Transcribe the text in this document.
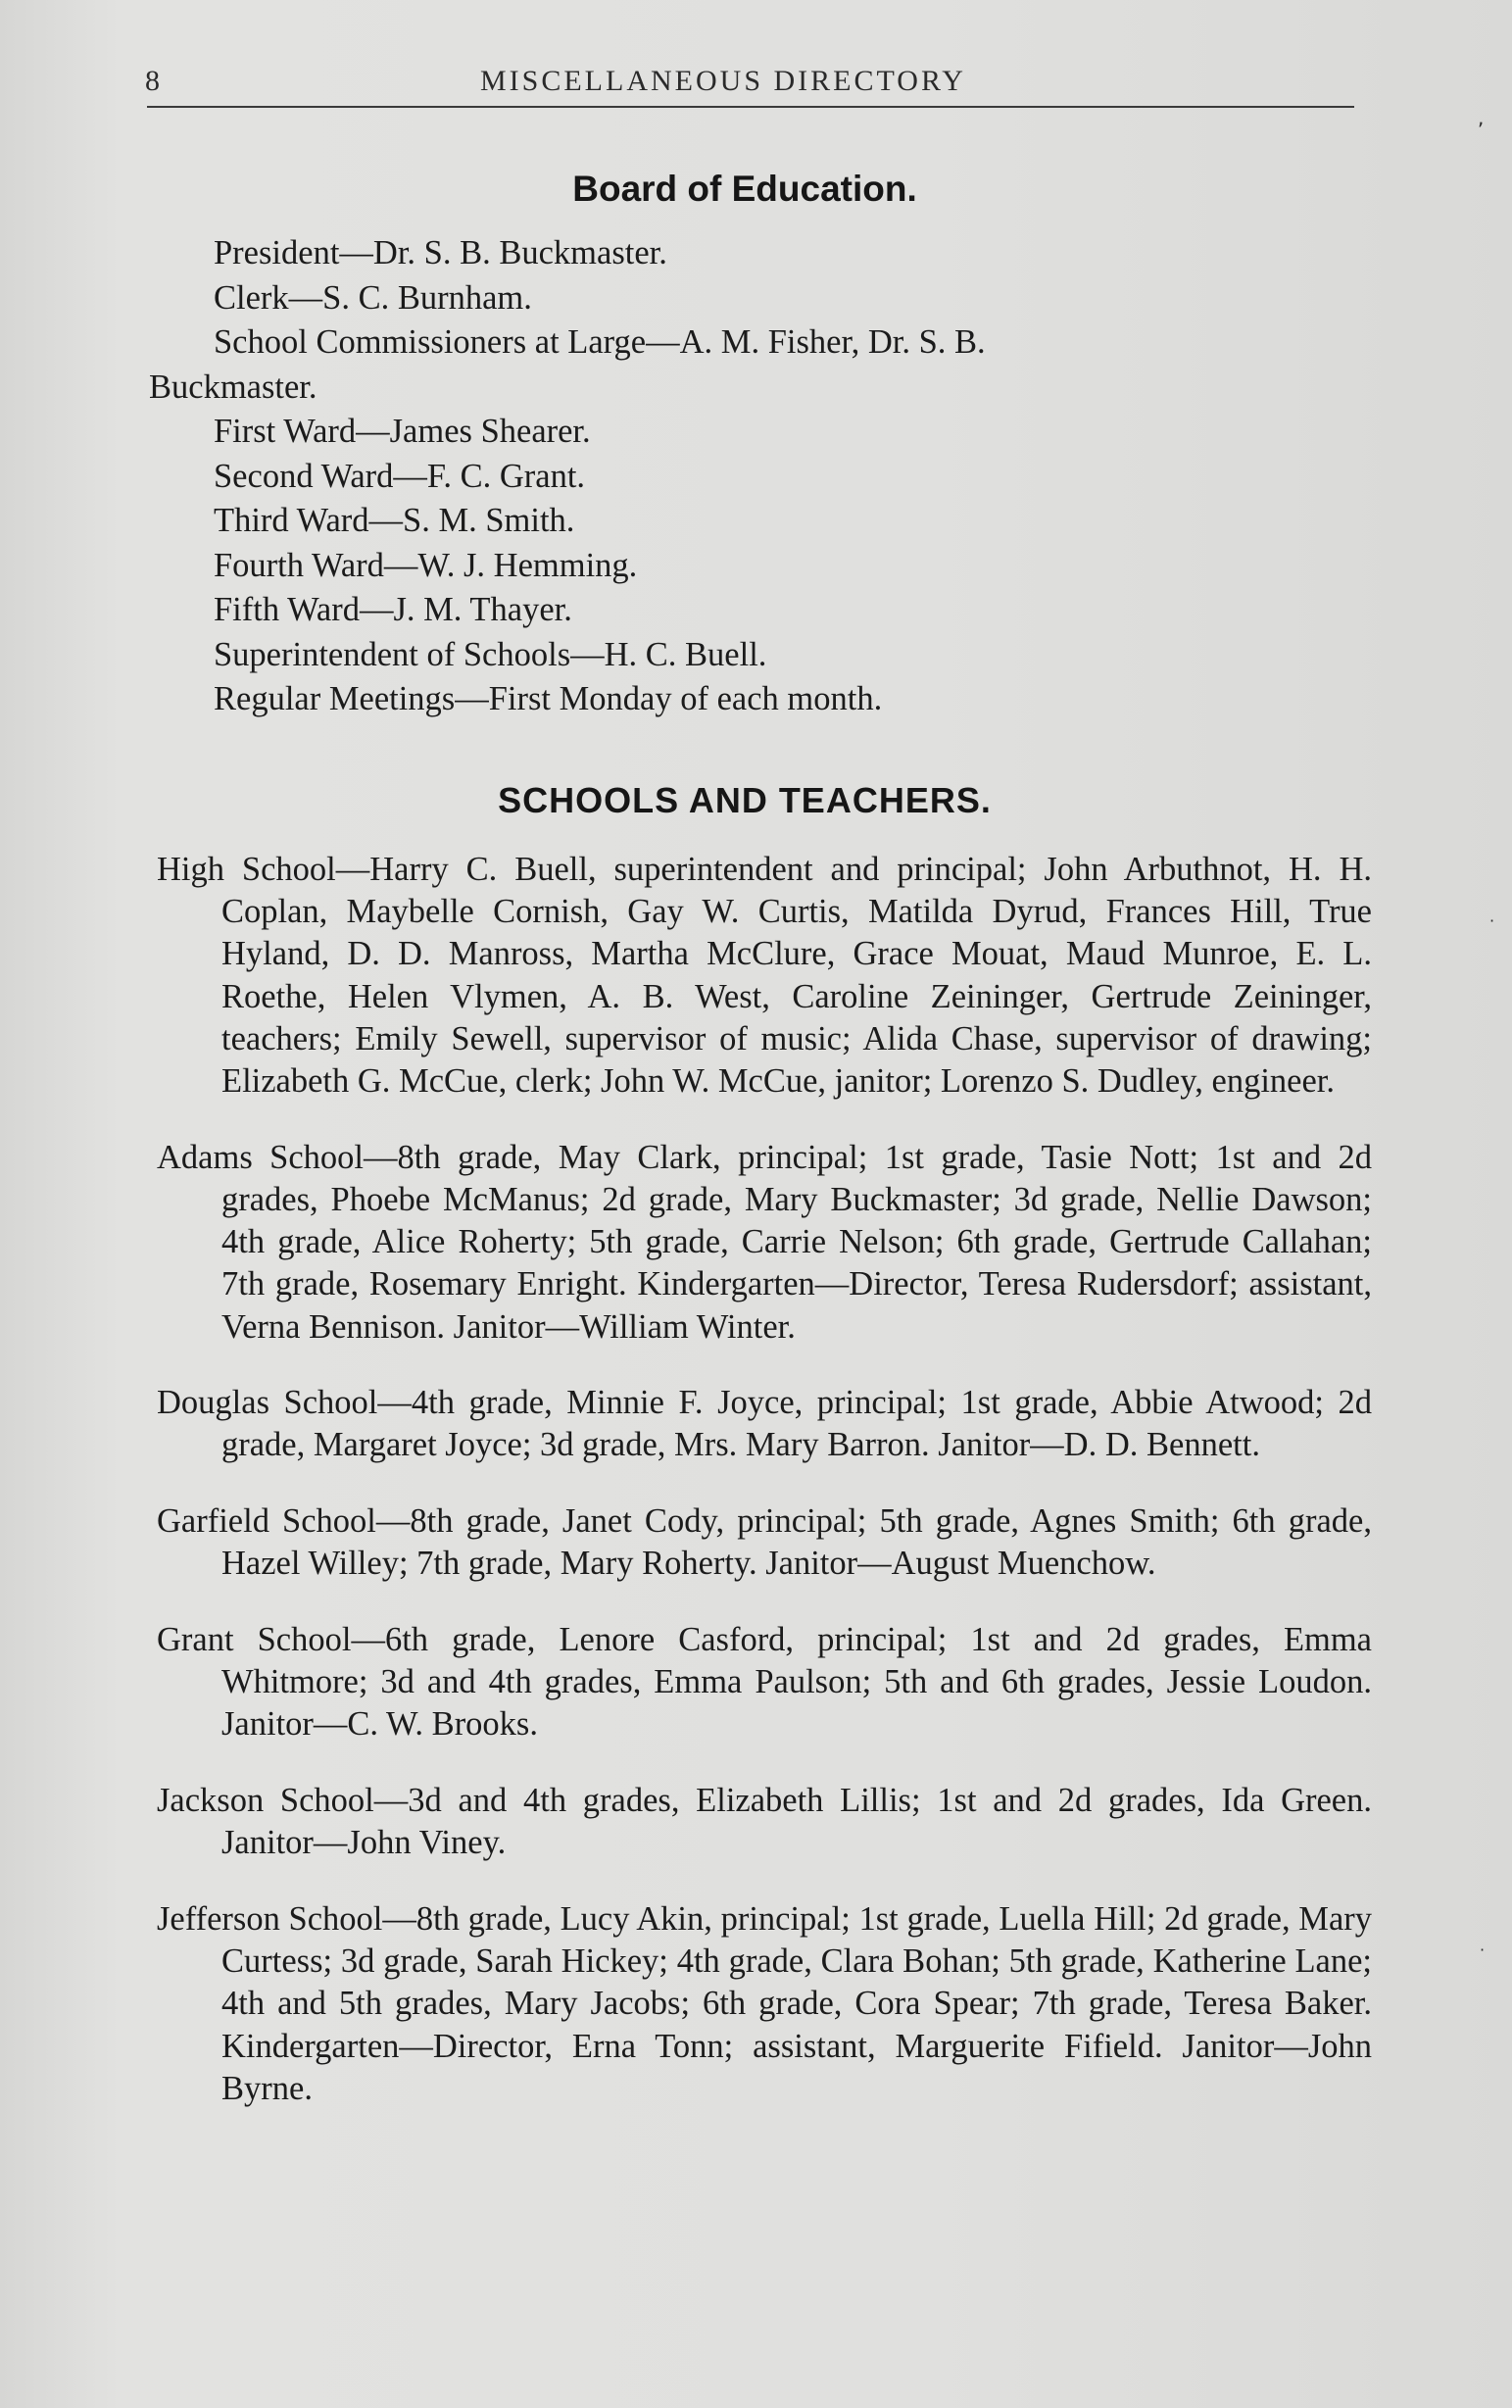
8	MISCELLANEOUS DIRECTORY
Board of Education.
President—Dr. S. B. Buckmaster.
Clerk—S. C. Burnham.
School Commissioners at Large—A. M. Fisher, Dr. S. B.
Buckmaster.
First Ward—James Shearer.
Second Ward—F. C. Grant.
Third Ward—S. M. Smith.
Fourth Ward—W. J. Hemming.
Fifth Ward—J. M. Thayer.
Superintendent of Schools—H. C. Buell.
Regular Meetings—First Monday of each month.
SCHOOLS AND TEACHERS.

High School—Harry C. Buell, superintendent and principal; John Arbuthnot, H. H. Coplan, Maybelle Cornish, Gay W. Curtis, Matilda Dyrud, Frances Hill, True Hyland, D. D. Manross, Martha McClure, Grace Mouat, Maud Munroe, E. L. Roethe, Helen Vlymen, A. B. West, Caroline Zeininger, Gertrude Zeininger, teachers; Emily Sewell, supervisor of music; Alida Chase, supervisor of drawing; Elizabeth G. McCue, clerk; John W. McCue, janitor; Lorenzo S. Dudley, engineer.

Adams School—8th grade, May Clark, principal; 1st grade, Tasie Nott; 1st and 2d grades, Phoebe McManus; 2d grade, Mary Buckmaster; 3d grade, Nellie Dawson; 4th grade, Alice Roherty; 5th grade, Carrie Nelson; 6th grade, Gertrude Callahan; 7th grade, Rosemary Enright. Kindergarten—Director, Teresa Rudersdorf; assistant, Verna Bennison. Janitor—William Winter.

Douglas School—4th grade, Minnie F. Joyce, principal; 1st grade, Abbie Atwood; 2d grade, Margaret Joyce; 3d grade, Mrs. Mary Barron. Janitor—D. D. Bennett.

Garfield School—8th grade, Janet Cody, principal; 5th grade, Agnes Smith; 6th grade, Hazel Willey; 7th grade, Mary Roherty. Janitor—August Muenchow.

Grant School—6th grade, Lenore Casford, principal; 1st and 2d grades, Emma Whitmore; 3d and 4th grades, Emma Paulson; 5th and 6th grades, Jessie Loudon. Janitor—C. W. Brooks.

Jackson School—3d and 4th grades, Elizabeth Lillis; 1st and 2d grades, Ida Green. Janitor—John Viney.

Jefferson School—8th grade, Lucy Akin, principal; 1st grade, Luella Hill; 2d grade, Mary Curtess; 3d grade, Sarah Hickey; 4th grade, Clara Bohan; 5th grade, Katherine Lane; 4th and 5th grades, Mary Jacobs; 6th grade, Cora Spear; 7th grade, Teresa Baker. Kindergarten—Director, Erna Tonn; assistant, Marguerite Fifield. Janitor—John Byrne.

,
·
·
